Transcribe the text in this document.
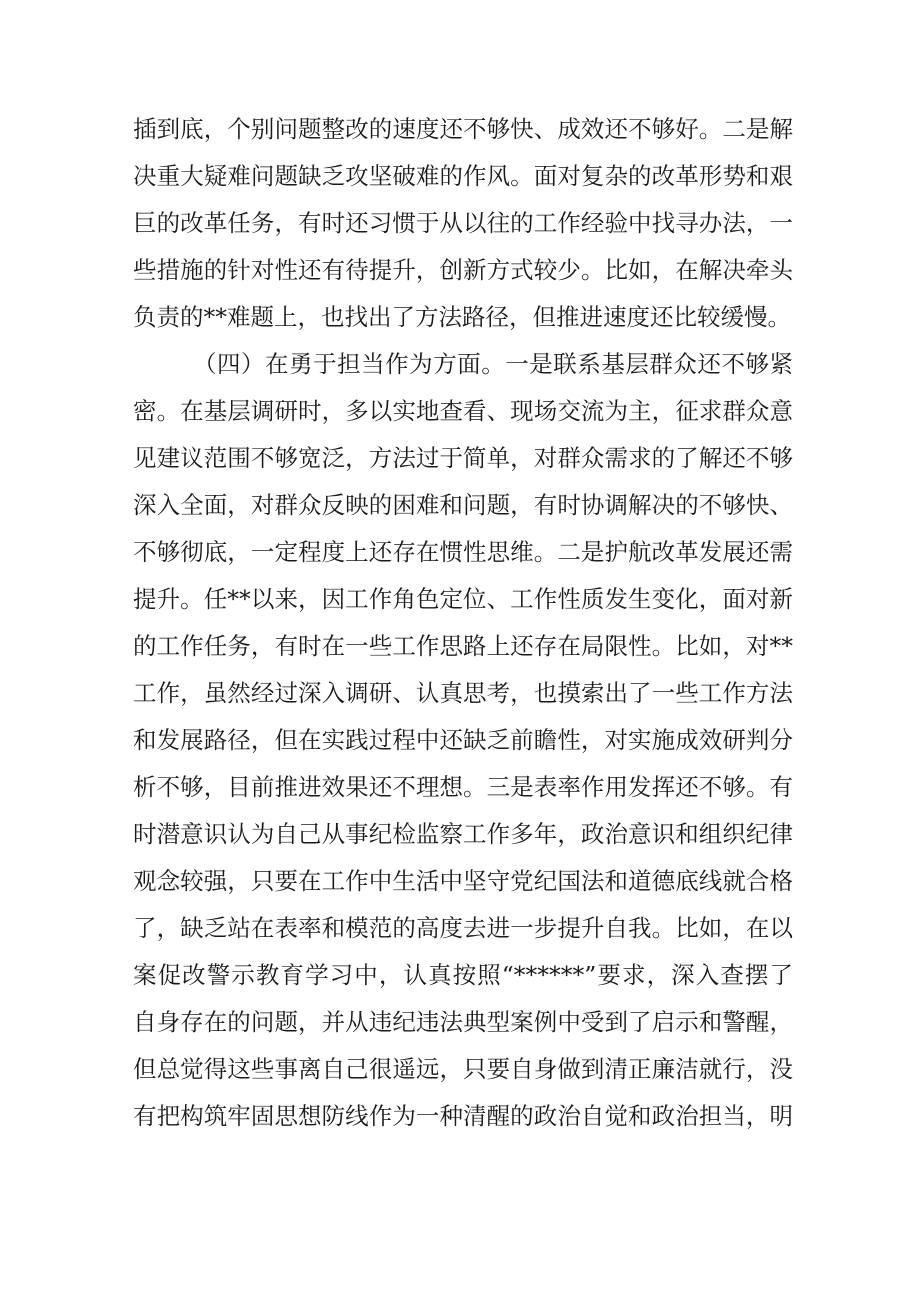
插到底，个别问题整改的速度还不够快、成效还不够好。二是解
决重大疑难问题缺乏攻坚破难的作风。面对复杂的改革形势和艰
巨的改革任务，有时还习惯于从以往的工作经验中找寻办法，一
些措施的针对性还有待提升，创新方式较少。比如，在解决牵头
负责的**难题上，也找出了方法路径，但推进速度还比较缓慢。
（四）在勇于担当作为方面。一是联系基层群众还不够紧
密。在基层调研时，多以实地查看、现场交流为主，征求群众意
见建议范围不够宽泛，方法过于简单，对群众需求的了解还不够
深入全面，对群众反映的困难和问题，有时协调解决的不够快、
不够彻底，一定程度上还存在惯性思维。二是护航改革发展还需
提升。任**以来，因工作角色定位、工作性质发生变化，面对新
的工作任务，有时在一些工作思路上还存在局限性。比如，对**
工作，虽然经过深入调研、认真思考，也摸索出了一些工作方法
和发展路径，但在实践过程中还缺乏前瞻性，对实施成效研判分
析不够，目前推进效果还不理想。三是表率作用发挥还不够。有
时潜意识认为自己从事纪检监察工作多年，政治意识和组织纪律
观念较强，只要在工作中生活中坚守党纪国法和道德底线就合格
了，缺乏站在表率和模范的高度去进一步提升自我。比如，在以
案促改警示教育学习中，认真按照“******”要求，深入查摆了
自身存在的问题，并从违纪违法典型案例中受到了启示和警醒，
但总觉得这些事离自己很遥远，只要自身做到清正廉洁就行，没
有把构筑牢固思想防线作为一种清醒的政治自觉和政治担当，明
